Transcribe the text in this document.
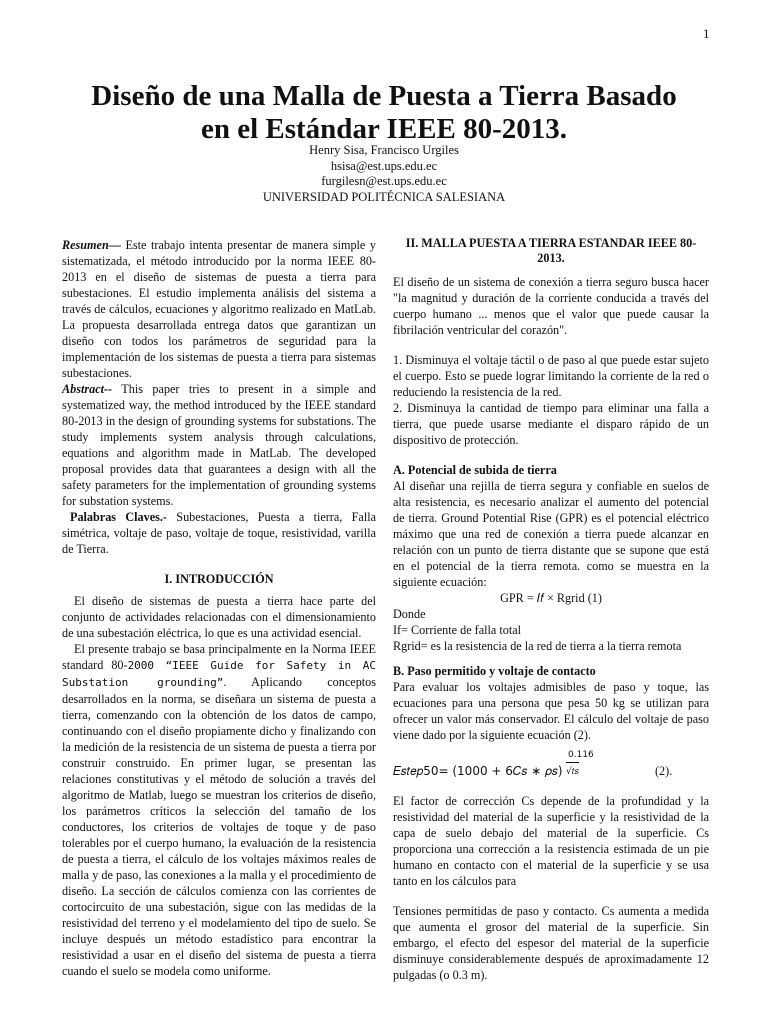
1
Diseño de una Malla de Puesta a Tierra Basado
en el Estándar IEEE 80-2013.
Henry Sisa, Francisco Urgiles
hsisa@est.ups.edu.ec
furgilesn@est.ups.edu.ec
UNIVERSIDAD POLITÉCNICA SALESIANA

Resumen— Este trabajo intenta presentar de manera simple y sistematizada, el método introducido por la norma IEEE 80-2013 en el diseño de sistemas de puesta a tierra para subestaciones. El estudio implementa análisis del sistema a través de cálculos, ecuaciones y algoritmo realizado en MatLab. La propuesta desarrollada entrega datos que garantizan un diseño con todos los parámetros de seguridad para la implementación de los sistemas de puesta a tierra para sistemas subestaciones.

Abstract-- This paper tries to present in a simple and systematized way, the method introduced by the IEEE standard 80-2013 in the design of grounding systems for substations. The study implements system analysis through calculations, equations and algorithm made in MatLab. The developed proposal provides data that guarantees a design with all the safety parameters for the implementation of grounding systems for substation systems.

Palabras Claves.- Subestaciones, Puesta a tierra, Falla simétrica, voltaje de paso, voltaje de toque, resistividad, varilla de Tierra.

I. INTRODUCCIÓN

El diseño de sistemas de puesta a tierra hace parte del conjunto de actividades relacionadas con el dimensionamiento de una subestación eléctrica, lo que es una actividad esencial.

El presente trabajo se basa principalmente en la Norma IEEE standard 80-2000 “IEEE Guide for Safety in AC Substation grounding”. Aplicando conceptos desarrollados en la norma, se diseñara un sistema de puesta a tierra, comenzando con la obtención de los datos de campo, continuando con el diseño propiamente dicho y finalizando con la medición de la resistencia de un sistema de puesta a tierra por construir construido. En primer lugar, se presentan las relaciones constitutivas y el método de solución a través del algoritmo de Matlab, luego se muestran los criterios de diseño, los parámetros críticos la selección del tamaño de los conductores, los criterios de voltajes de toque y de paso tolerables por el cuerpo humano, la evaluación de la resistencia de puesta a tierra, el cálculo de los voltajes máximos reales de malla y de paso, las conexiones a la malla y el procedimiento de diseño. La sección de cálculos comienza con las corrientes de cortocircuito de una subestación, sigue con las medidas de la resistividad del terreno y el modelamiento del tipo de suelo. Se incluye después un método estadístico para encontrar la resistividad a usar en el diseño del sistema de puesta a tierra cuando el suelo se modela como uniforme.

II. MALLA PUESTA A TIERRA ESTANDAR IEEE 80-
2013.

El diseño de un sistema de conexión a tierra seguro busca hacer "la magnitud y duración de la corriente conducida a través del cuerpo humano ... menos que el valor que puede causar la fibrilación ventricular del corazón".

1. Disminuya el voltaje táctil o de paso al que puede estar sujeto el cuerpo. Esto se puede lograr limitando la corriente de la red o reduciendo la resistencia de la red.

2. Disminuya la cantidad de tiempo para eliminar una falla a tierra, que puede usarse mediante el disparo rápido de un dispositivo de protección.

A. Potencial de subida de tierra

Al diseñar una rejilla de tierra segura y confiable en suelos de alta resistencia, es necesario analizar el aumento del potencial de tierra. Ground Potential Rise (GPR) es el potencial eléctrico máximo que una red de conexión a tierra puede alcanzar en relación con un punto de tierra distante que se supone que está en el potencial de la tierra remota. como se muestra en la siguiente ecuación:

GPR = 𝐼𝑓 × Rgrid (1)

Donde

If= Corriente de falla total

Rgrid= es la resistencia de la red de tierra a la tierra remota

B. Paso permitido y voltaje de contacto

Para evaluar los voltajes admisibles de paso y toque, las ecuaciones para una persona que pesa 50 kg se utilizan para ofrecer un valor más conservador. El cálculo del voltaje de paso viene dado por la siguiente ecuación (2).

𝐸𝑠𝑡𝑒𝑝50= (1000 + 6𝐶𝑠 ∗ 𝜌𝑠)
0.116
√𝑡𝑠	(2).

El factor de corrección Cs depende de la profundidad y la resistividad del material de la superficie y la resistividad de la capa de suelo debajo del material de la superficie. Cs proporciona una corrección a la resistencia estimada de un pie humano en contacto con el material de la superficie y se usa tanto en los cálculos para

Tensiones permitidas de paso y contacto. Cs aumenta a medida que aumenta el grosor del material de la superficie. Sin embargo, el efecto del espesor del material de la superficie disminuye considerablemente después de aproximadamente 12 pulgadas (o 0.3 m).
